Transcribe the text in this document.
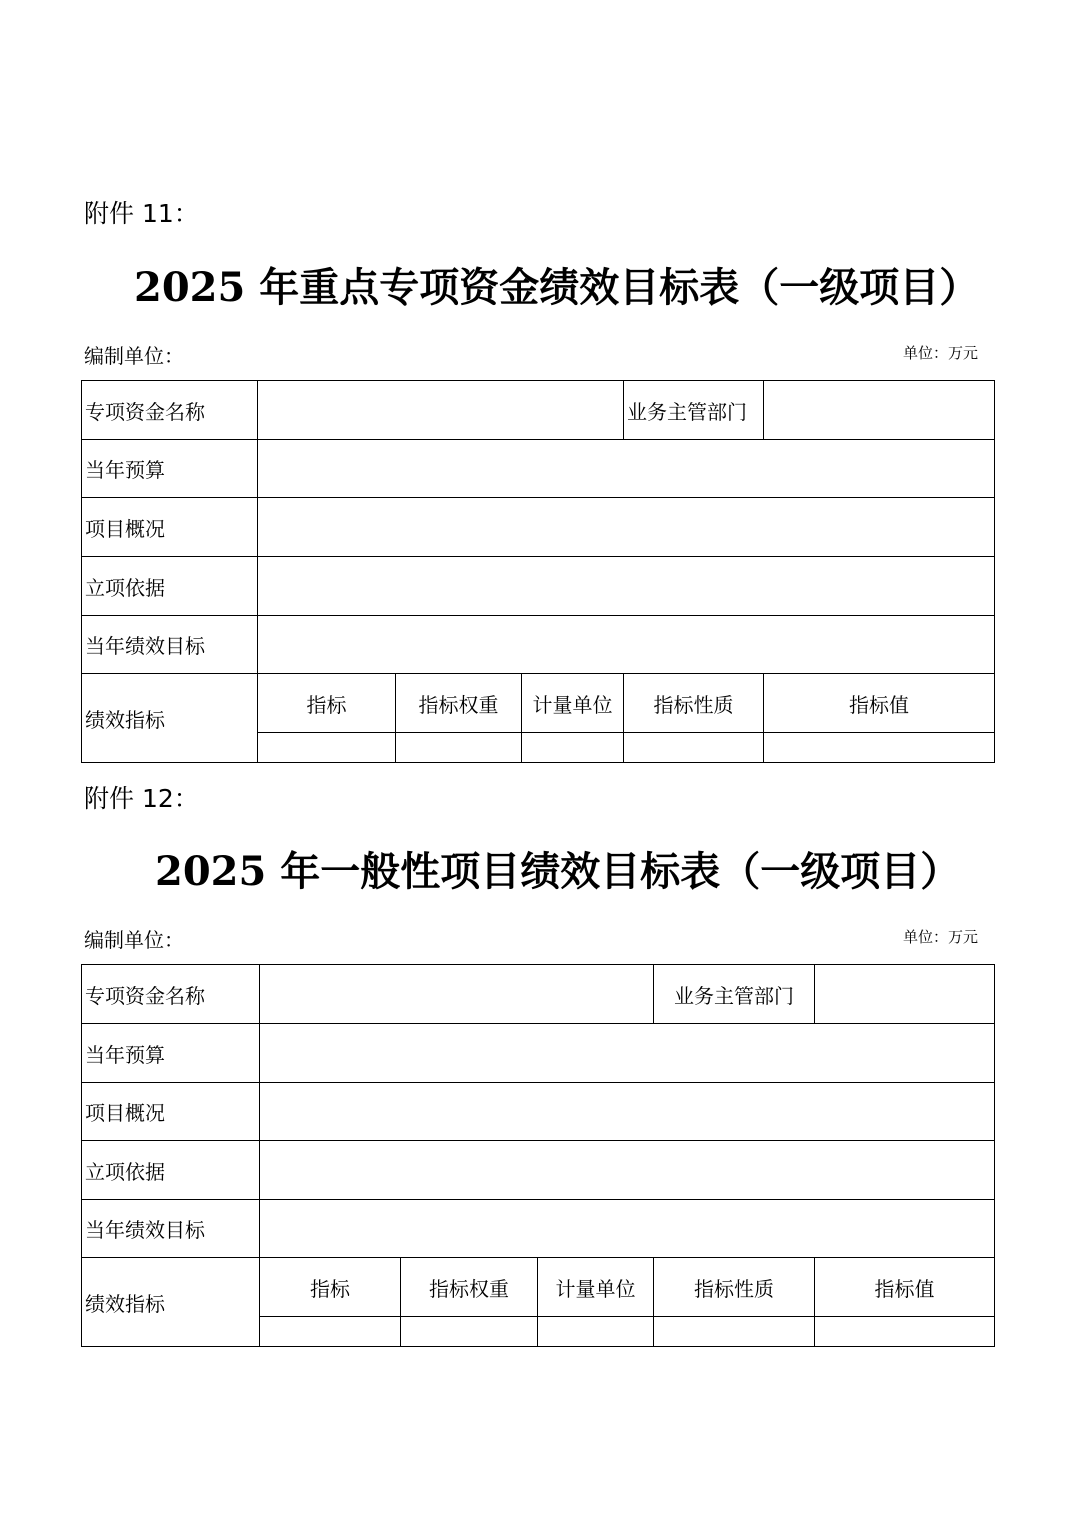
附件 11：
2025 年重点专项资金绩效目标表（一级项目）
编制单位：	单位：万元
专项资金名称				业务主管部门	
当年预算					
项目概况					
立项依据					
当年绩效目标					
绩效指标	指标	指标权重	计量单位	指标性质	指标值

附件 12：
2025 年一般性项目绩效目标表（一级项目）
编制单位：	单位：万元
专项资金名称				业务主管部门	
当年预算					
项目概况					
立项依据					
当年绩效目标					
绩效指标	指标	指标权重	计量单位	指标性质	指标值
